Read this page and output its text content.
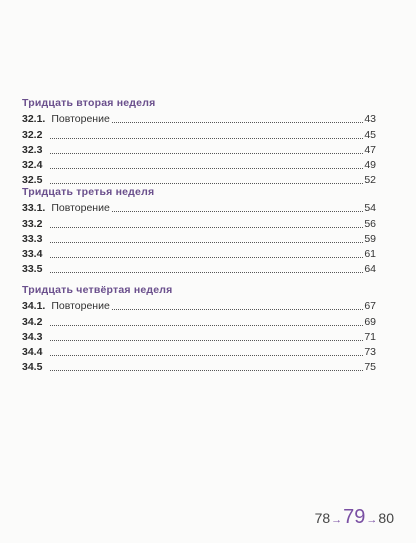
Тридцать вторая неделя
32.1. Повторение	43
32.2	45
32.3	47
32.4	49
32.5	52
Тридцать третья неделя
33.1. Повторение	54
33.2	56
33.3	59
33.4	61
33.5	64
Тридцать четвёртая неделя
34.1. Повторение	67
34.2	69
34.3	71
34.4	73
34.5	75
78 → 79 → 80
